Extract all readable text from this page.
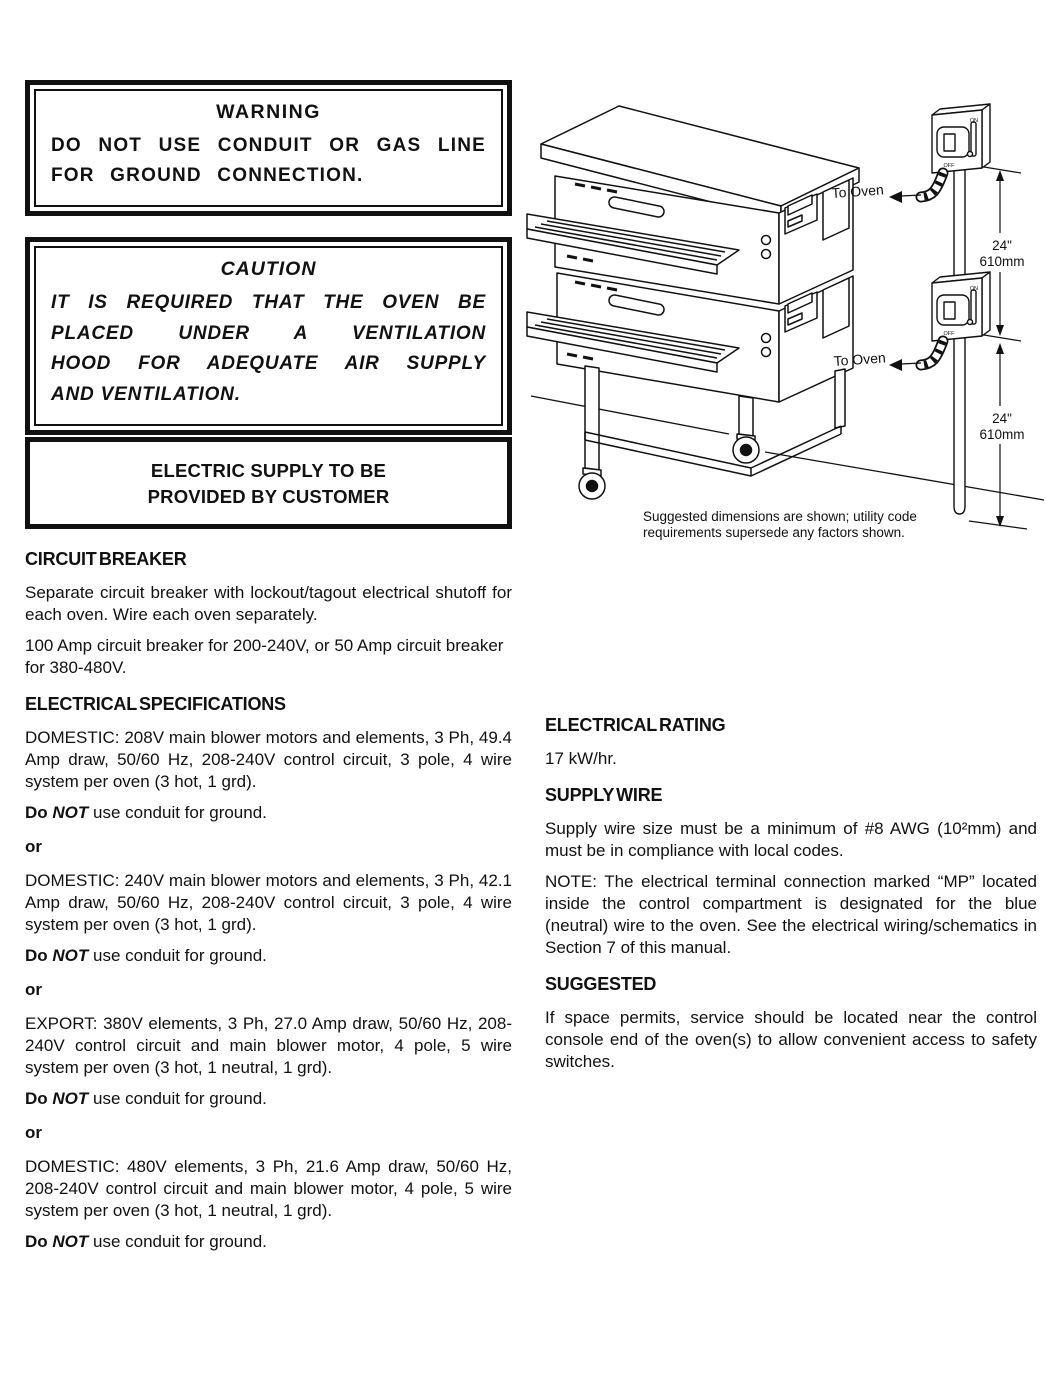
WARNING
DO NOT USE CONDUIT OR GAS LINE
FOR GROUND CONNECTION.
CAUTION
IT IS REQUIRED THAT THE OVEN BE
PLACED UNDER A VENTILATION
HOOD FOR ADEQUATE AIR SUPPLY
AND VENTILATION.
ELECTRIC SUPPLY TO BE
PROVIDED BY CUSTOMER
CIRCUIT BREAKER

Separate circuit breaker with lockout/tagout electrical shutoff for each oven. Wire each oven separately.

100 Amp circuit breaker for 200-240V, or 50 Amp circuit breaker for 380-480V.

ELECTRICAL SPECIFICATIONS

DOMESTIC: 208V main blower motors and elements, 3 Ph, 49.4 Amp draw, 50/60 Hz, 208-240V control circuit, 3 pole, 4 wire system per oven (3 hot, 1 grd).

Do NOT use conduit for ground.

or

DOMESTIC: 240V main blower motors and elements, 3 Ph, 42.1 Amp draw, 50/60 Hz, 208-240V control circuit, 3 pole, 4 wire system per oven (3 hot, 1 grd).

Do NOT use conduit for ground.

or

EXPORT: 380V elements, 3 Ph, 27.0 Amp draw, 50/60 Hz, 208-240V control circuit and main blower motor, 4 pole, 5 wire system per oven (3 hot, 1 neutral, 1 grd).

Do NOT use conduit for ground.

or

DOMESTIC: 480V elements, 3 Ph, 21.6 Amp draw, 50/60 Hz, 208-240V control circuit and main blower motor, 4 pole, 5 wire system per oven (3 hot, 1 neutral, 1 grd).

Do NOT use conduit for ground.

ELECTRICAL RATING

17 kW/hr.

SUPPLY WIRE

Supply wire size must be a minimum of #8 AWG (10²mm) and must be in compliance with local codes.

NOTE: The electrical terminal connection marked “MP” located inside the control compartment is designated for the blue (neutral) wire to the oven. See the electrical wiring/schematics in Section 7 of this manual.

SUGGESTED

If space permits, service should be located near the control console end of the oven(s) to allow convenient access to safety switches.

ON
OFF
ON
OFF
To Oven
To Oven
24"
610mm
24"
610mm
Suggested dimensions are shown; utility code
requirements supersede any factors shown.
